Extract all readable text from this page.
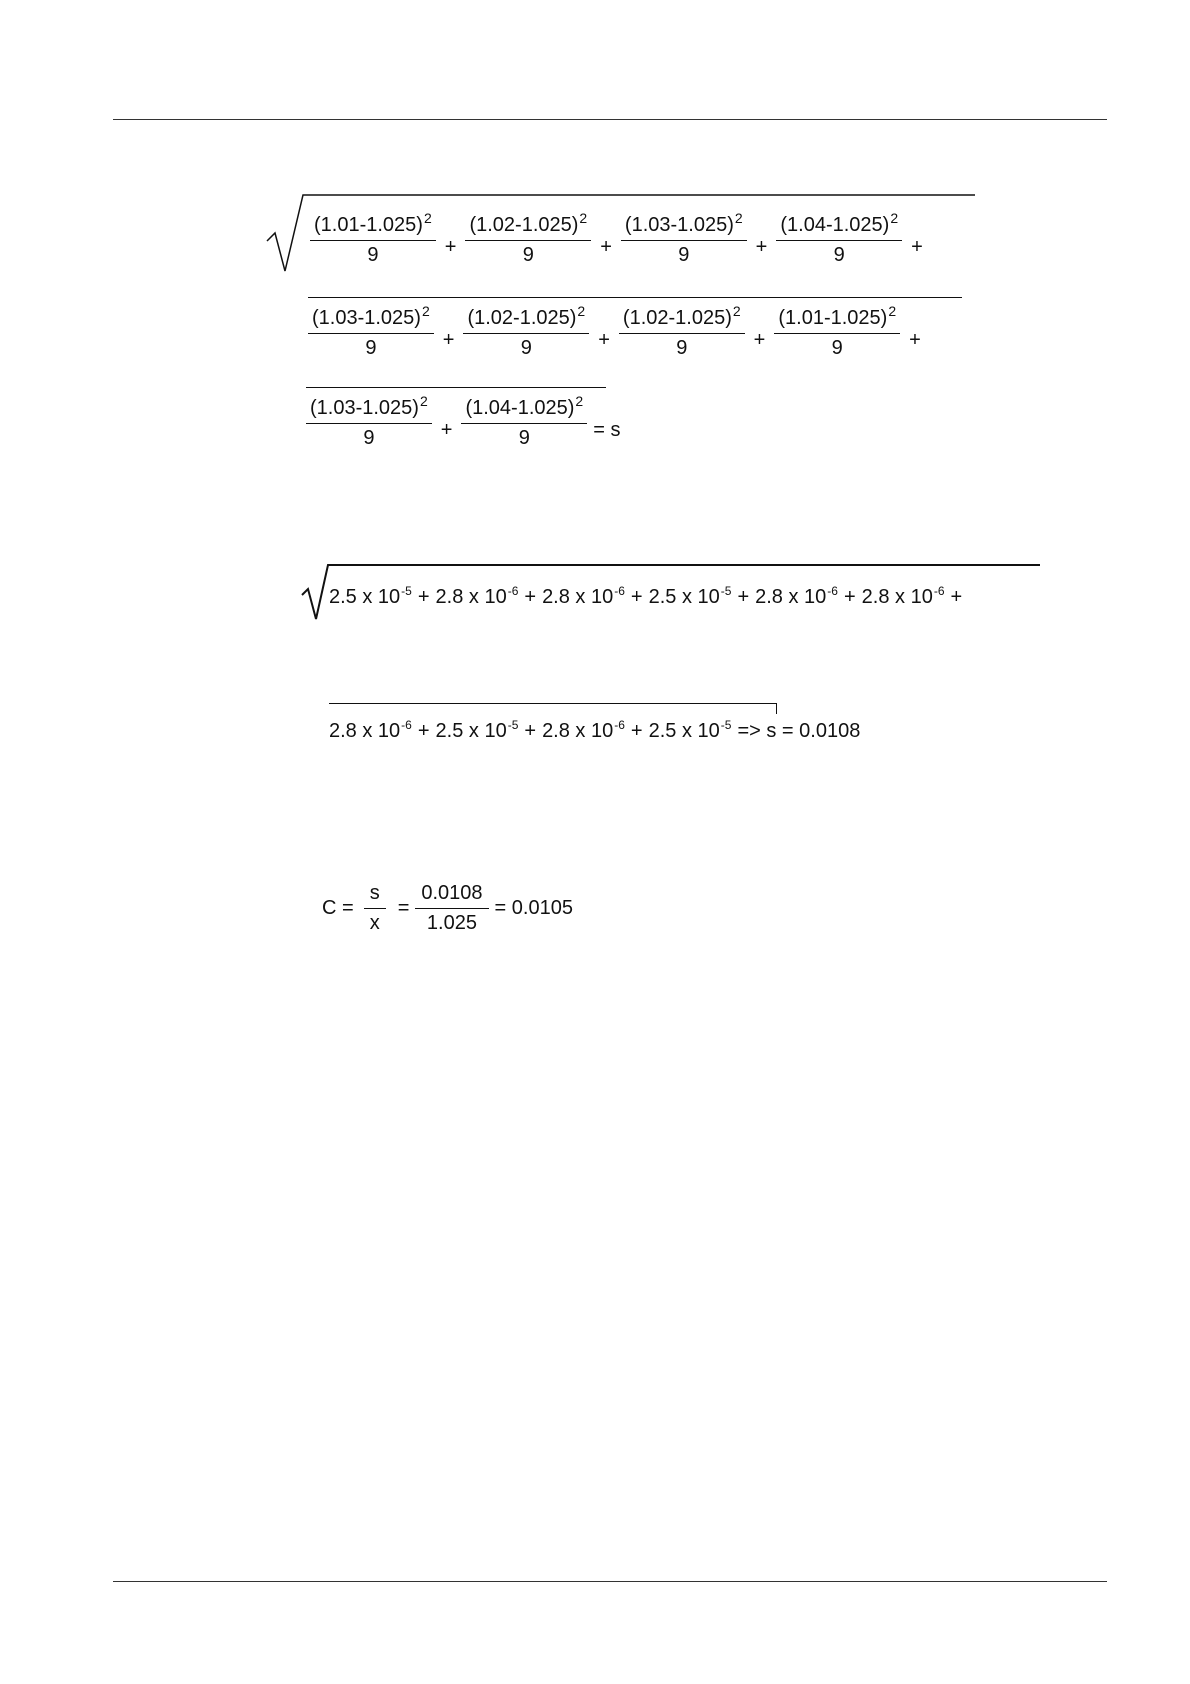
$\frac{(1.01-1.025)^2}{9} + \frac{(1.02-1.025)^2}{9} + \frac{(1.03-1.025)^2}{9} + \frac{(1.04-1.025)^2}{9}$ +
$\frac{(1.03-1.025)^2}{9} + \frac{(1.02-1.025)^2}{9} + \frac{(1.02-1.025)^2}{9} + \frac{(1.01-1.025)^2}{9}$ +
$\frac{(1.03-1.025)^2}{9} + \frac{(1.04-1.025)^2}{9} = s$
2.5 x $10^{-5} + 2.8$ x $10^{-6} + 2.8$ x $10^{-6} + 2.5$ x $10^{-5} + 2.8$ x $10^{-6} + 2.8$ x $10^{-6}$ +
2.8 x $10^{-6} + 2.5$ x $10^{-5} + 2.8$ x $10^{-6} + 2.5$ x $10^{-5} => s = 0.0108$
$C = \frac{s}{x} = \frac{0.0108}{1.025} = 0.0105$
